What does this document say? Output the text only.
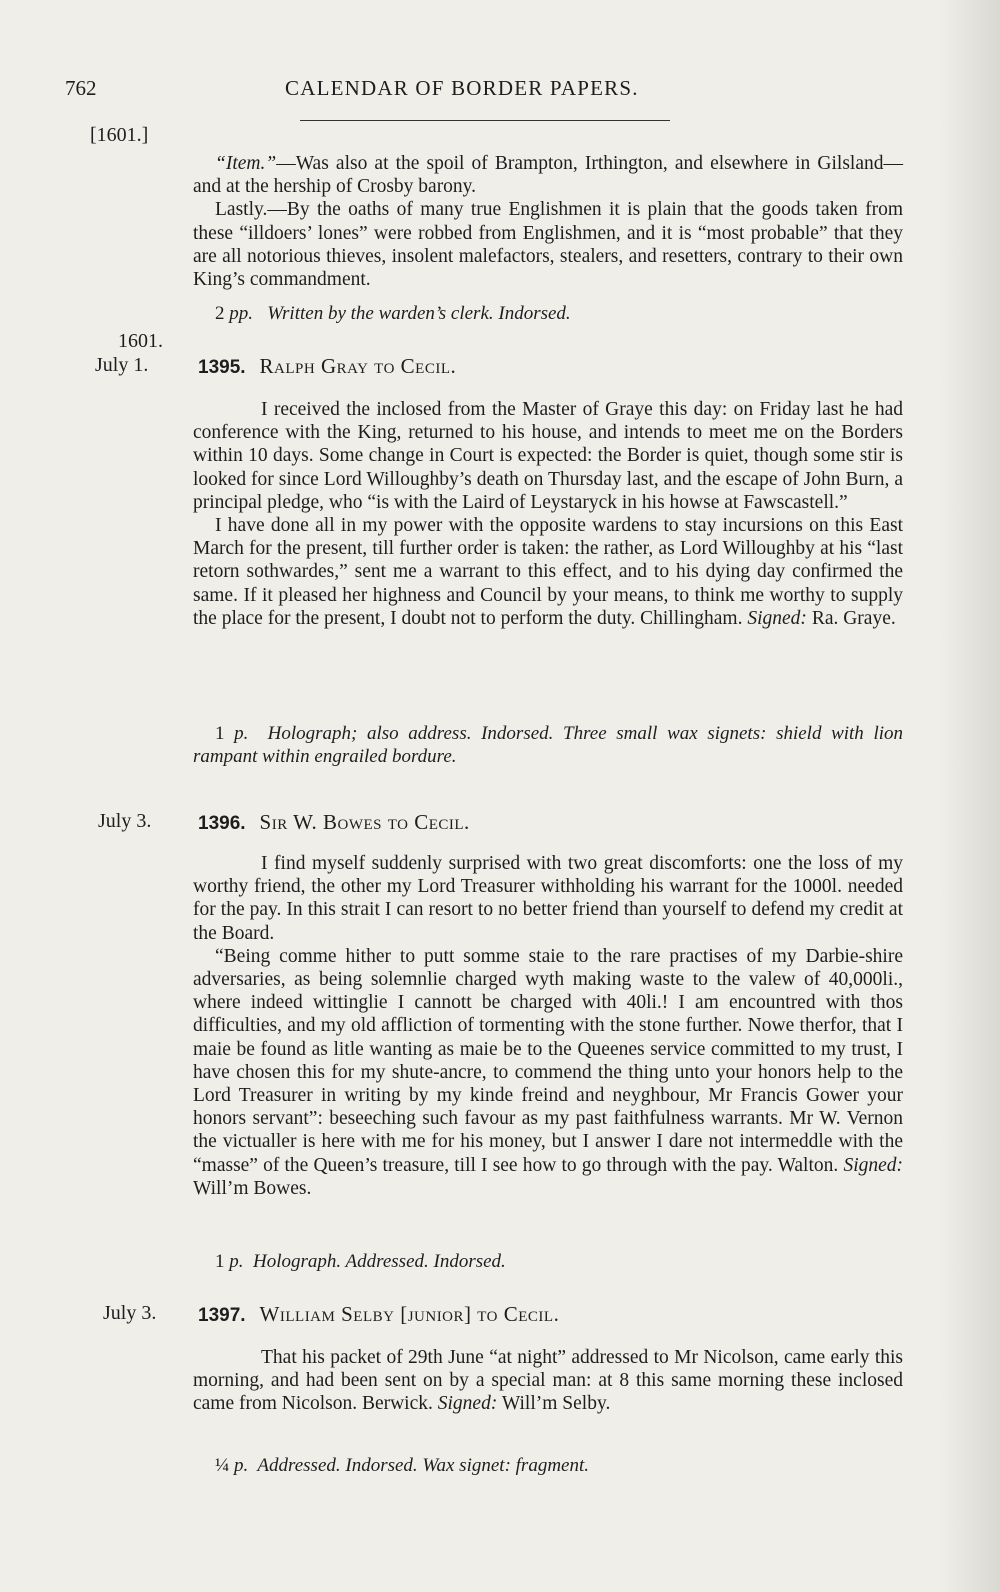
762	CALENDAR OF BORDER PAPERS.
[1601.]

“Item.”—Was also at the spoil of Brampton, Irthington, and elsewhere in Gilsland—and at the hership of Crosby barony.

Lastly.—By the oaths of many true Englishmen it is plain that the goods taken from these “illdoers’ lones” were robbed from Englishmen, and it is “most probable” that they are all notorious thieves, insolent malefactors, stealers, and resetters, contrary to their own King’s commandment.

2 pp. Written by the warden’s clerk. Indorsed.
1601.
July 1.	1395. Ralph Gray to Cecil.

I received the inclosed from the Master of Graye this day: on Friday last he had conference with the King, returned to his house, and intends to meet me on the Borders within 10 days. Some change in Court is expected: the Border is quiet, though some stir is looked for since Lord Willoughby’s death on Thursday last, and the escape of John Burn, a principal pledge, who “is with the Laird of Leystaryck in his howse at Fawscastell.”

I have done all in my power with the opposite wardens to stay incursions on this East March for the present, till further order is taken: the rather, as Lord Willoughby at his “last retorn sothwardes,” sent me a warrant to this effect, and to his dying day confirmed the same. If it pleased her highness and Council by your means, to think me worthy to supply the place for the present, I doubt not to perform the duty. Chillingham. Signed: Ra. Graye.

1 p. Holograph; also address. Indorsed. Three small wax signets: shield with lion rampant within engrailed bordure.
July 3. 1396. Sir W. Bowes to Cecil.

I find myself suddenly surprised with two great discomforts: one the loss of my worthy friend, the other my Lord Treasurer withholding his warrant for the 1000l. needed for the pay. In this strait I can resort to no better friend than yourself to defend my credit at the Board.

“Being comme hither to putt somme staie to the rare practises of my Darbie-shire adversaries, as being solemnlie charged wyth making waste to the valew of 40,000li., where indeed wittinglie I cannott be charged with 40li.! I am encountred with thos difficulties, and my old affliction of tormenting with the stone further. Nowe therfor, that I maie be found as litle wanting as maie be to the Queenes service committed to my trust, I have chosen this for my shute-ancre, to commend the thing unto your honors help to the Lord Treasurer in writing by my kinde freind and neyghbour, Mr Francis Gower your honors servant”: beseeching such favour as my past faithfulness warrants. Mr W. Vernon the victualler is here with me for his money, but I answer I dare not intermeddle with the “masse” of the Queen’s treasure, till I see how to go through with the pay. Walton. Signed: Will’m Bowes.

1 p. Holograph. Addressed. Indorsed.
July 3. 1397. William Selby [junior] to Cecil.

That his packet of 29th June “at night” addressed to Mr Nicolson, came early this morning, and had been sent on by a special man: at 8 this same morning these inclosed came from Nicolson. Berwick. Signed: Will’m Selby.

¼ p. Addressed. Indorsed. Wax signet: fragment.
